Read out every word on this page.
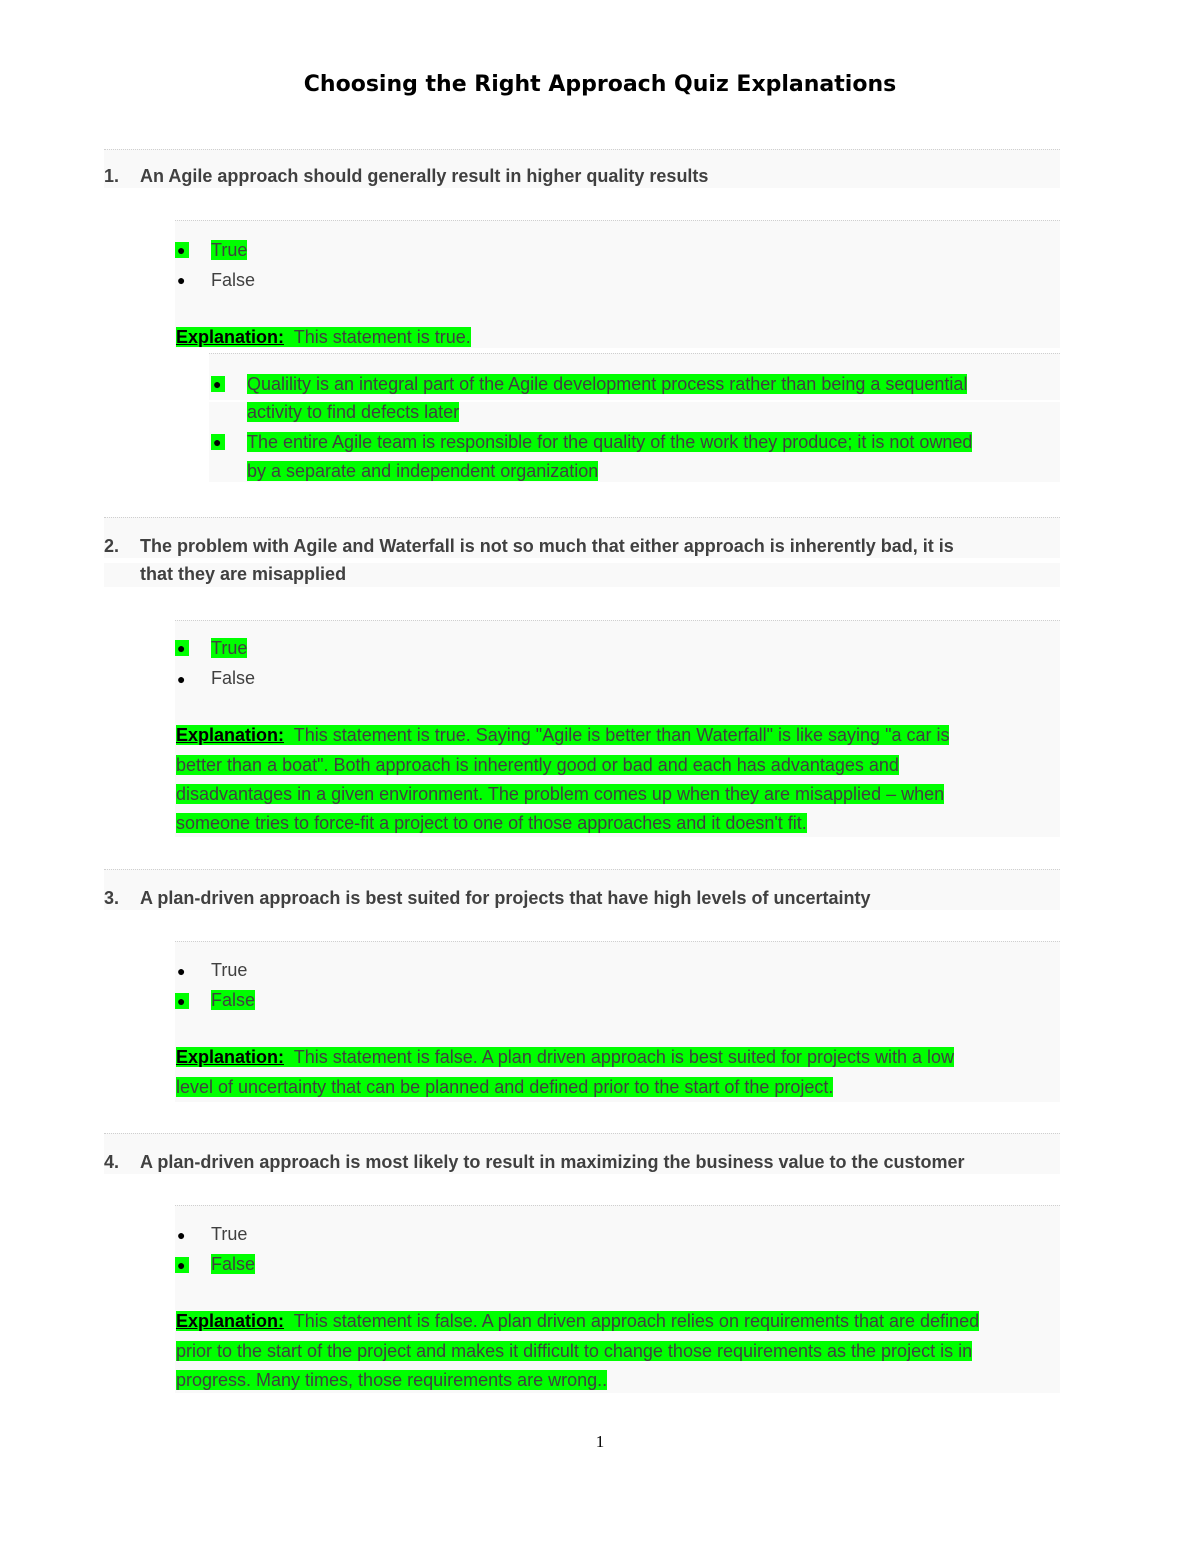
Choosing the Right Approach Quiz Explanations
1. An Agile approach should generally result in higher quality results
● True
● False
Explanation: This statement is true.
● Qualility is an integral part of the Agile development process rather than being a sequential
activity to find defects later
● The entire Agile team is responsible for the quality of the work they produce; it is not owned
by a separate and independent organization
2. The problem with Agile and Waterfall is not so much that either approach is inherently bad, it is
that they are misapplied
● True
● False
Explanation: This statement is true. Saying "Agile is better than Waterfall" is like saying "a car is
better than a boat". Both approach is inherently good or bad and each has advantages and
disadvantages in a given environment. The problem comes up when they are misapplied – when
someone tries to force-fit a project to one of those approaches and it doesn't fit.
3. A plan-driven approach is best suited for projects that have high levels of uncertainty
● True
● False
Explanation: This statement is false. A plan driven approach is best suited for projects with a low
level of uncertainty that can be planned and defined prior to the start of the project.
4. A plan-driven approach is most likely to result in maximizing the business value to the customer
● True
● False
Explanation: This statement is false. A plan driven approach relies on requirements that are defined
prior to the start of the project and makes it difficult to change those requirements as the project is in
progress. Many times, those requirements are wrong..
1
